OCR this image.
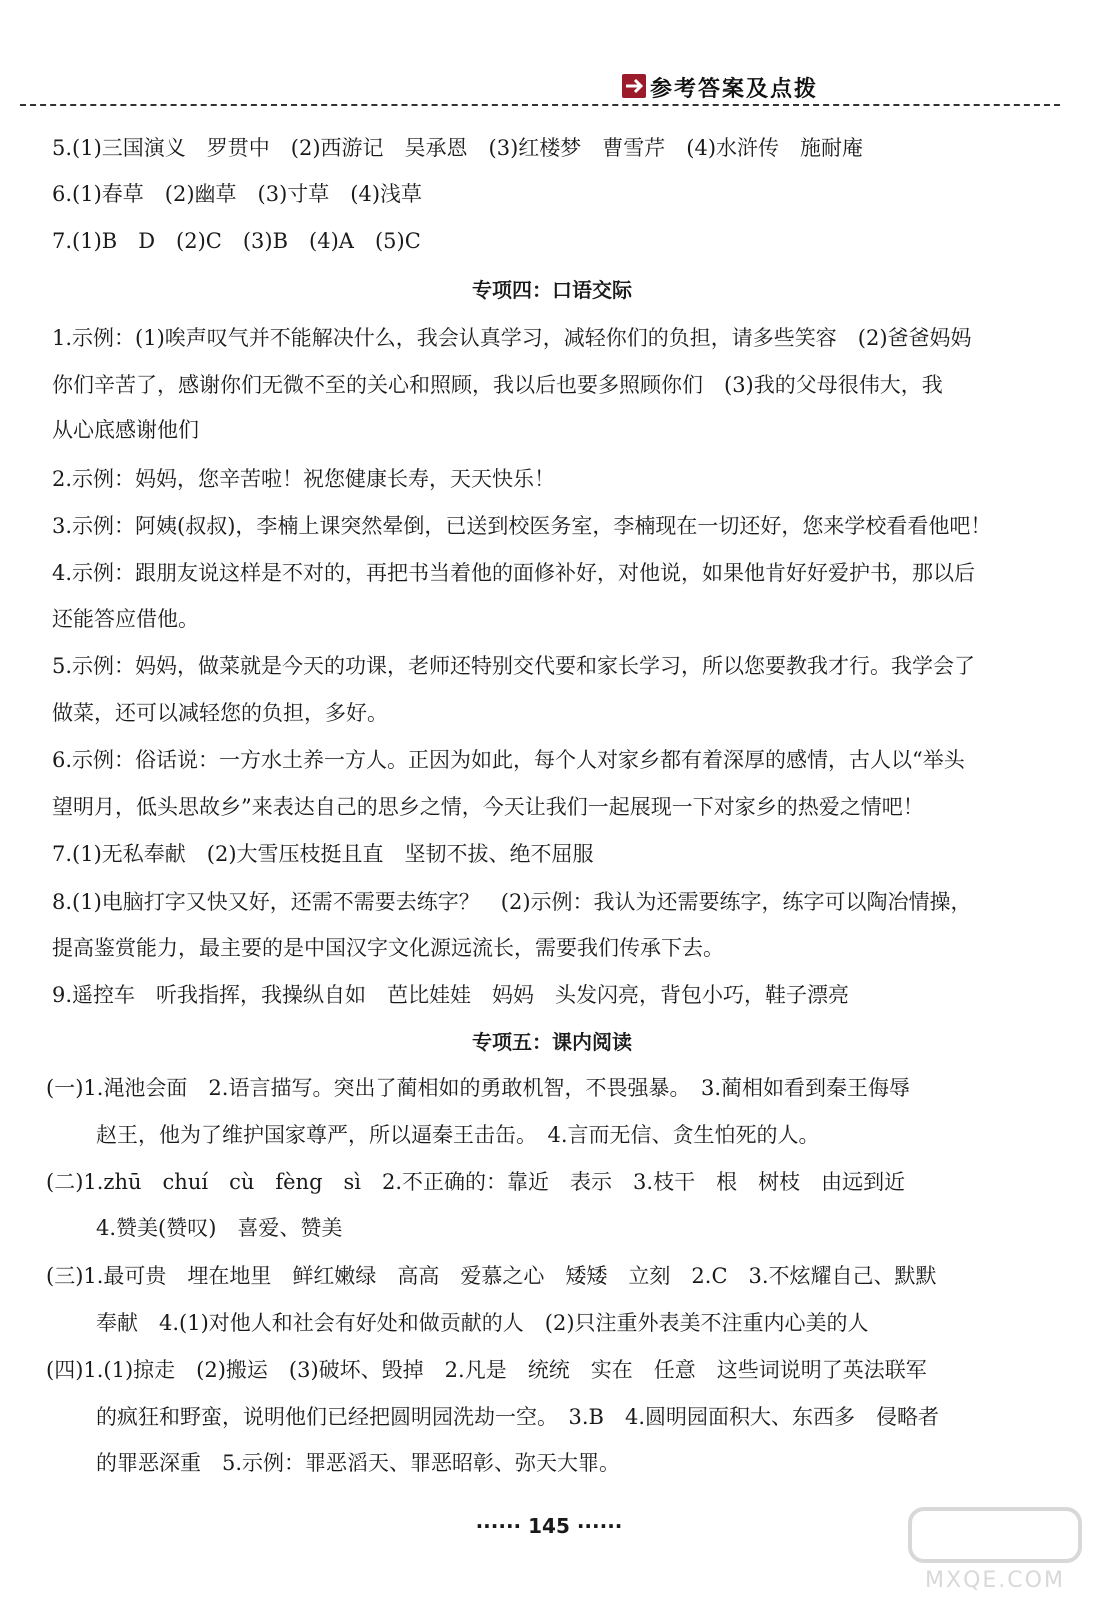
参考答案及点拨
5.(1)三国演义　罗贯中　(2)西游记　吴承恩　(3)红楼梦　曹雪芹　(4)水浒传　施耐庵
6.(1)春草　(2)幽草　(3)寸草　(4)浅草
7.(1)B　D　(2)C　(3)B　(4)A　(5)C
专项四：口语交际
1.示例：(1)唉声叹气并不能解决什么，我会认真学习，减轻你们的负担，请多些笑容　(2)爸爸妈妈
你们辛苦了，感谢你们无微不至的关心和照顾，我以后也要多照顾你们　(3)我的父母很伟大，我
从心底感谢他们
2.示例：妈妈，您辛苦啦！祝您健康长寿，天天快乐！
3.示例：阿姨(叔叔)，李楠上课突然晕倒，已送到校医务室，李楠现在一切还好，您来学校看看他吧！
4.示例：跟朋友说这样是不对的，再把书当着他的面修补好，对他说，如果他肯好好爱护书，那以后
还能答应借他。
5.示例：妈妈，做菜就是今天的功课，老师还特别交代要和家长学习，所以您要教我才行。我学会了
做菜，还可以减轻您的负担，多好。
6.示例：俗话说：一方水土养一方人。正因为如此，每个人对家乡都有着深厚的感情，古人以“举头
望明月，低头思故乡”来表达自己的思乡之情，今天让我们一起展现一下对家乡的热爱之情吧！
7.(1)无私奉献　(2)大雪压枝挺且直　坚韧不拔、绝不屈服
8.(1)电脑打字又快又好，还需不需要去练字？　(2)示例：我认为还需要练字，练字可以陶冶情操，
提高鉴赏能力，最主要的是中国汉字文化源远流长，需要我们传承下去。
9.遥控车　听我指挥，我操纵自如　芭比娃娃　妈妈　头发闪亮，背包小巧，鞋子漂亮
专项五：课内阅读
(一)1.渑池会面　2.语言描写。突出了蔺相如的勇敢机智，不畏强暴。　3.蔺相如看到秦王侮辱
赵王，他为了维护国家尊严，所以逼秦王击缶。　4.言而无信、贪生怕死的人。
(二)1.zhū　chuí　cù　fèng　sì　2.不正确的：靠近　表示　3.枝干　根　树枝　由远到近
4.赞美(赞叹)　喜爱、赞美
(三)1.最可贵　埋在地里　鲜红嫩绿　高高　爱慕之心　矮矮　立刻　2.C　3.不炫耀自己、默默
奉献　4.(1)对他人和社会有好处和做贡献的人　(2)只注重外表美不注重内心美的人
(四)1.(1)掠走　(2)搬运　(3)破坏、毁掉　2.凡是　统统　实在　任意　这些词说明了英法联军
的疯狂和野蛮，说明他们已经把圆明园洗劫一空。　3.B　4.圆明园面积大、东西多　侵略者
的罪恶深重　5.示例：罪恶滔天、罪恶昭彰、弥天大罪。
······ 145 ······
MXQE.COM
